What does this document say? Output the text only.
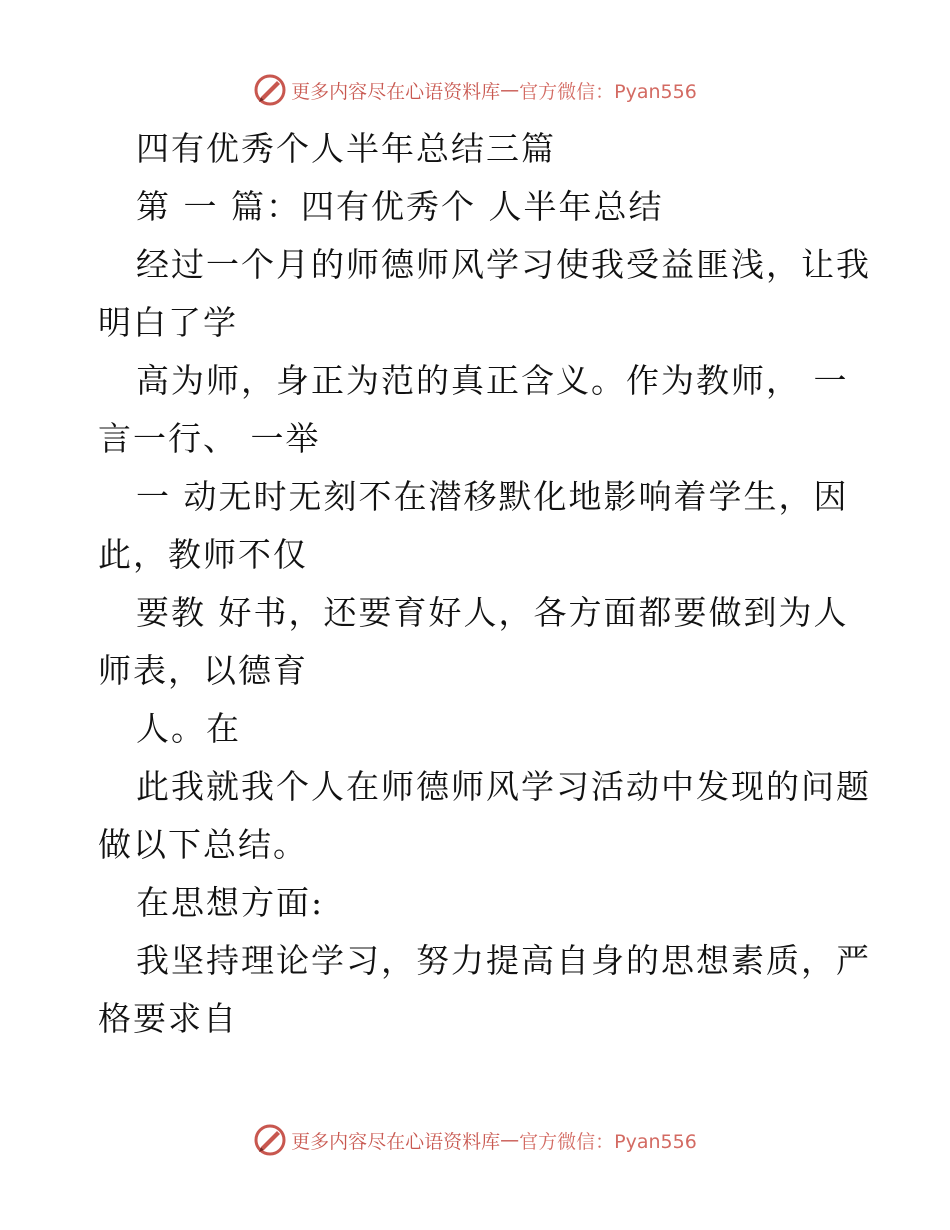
更多内容尽在心语资料库 — 官方微信：Pyan556
四有优秀个人半年总结三篇
第 一 篇：四有优秀个 人半年总结
经过一个月的师德师风学习使我受益匪浅，让我
明白了学
高为师，身正为范的真正含义。作为教师， 一
言一行、 一举
一 动无时无刻不在潜移默化地影响着学生，因
此，教师不仅
要教 好书，还要育好人，各方面都要做到为人
师表，以德育
人。在
此我就我个人在师德师风学习活动中发现的问题
做以下总结。
在思想方面:
我坚持理论学习，努力提高自身的思想素质，严
格要求自
更多内容尽在心语资料库 — 官方微信：Pyan556
